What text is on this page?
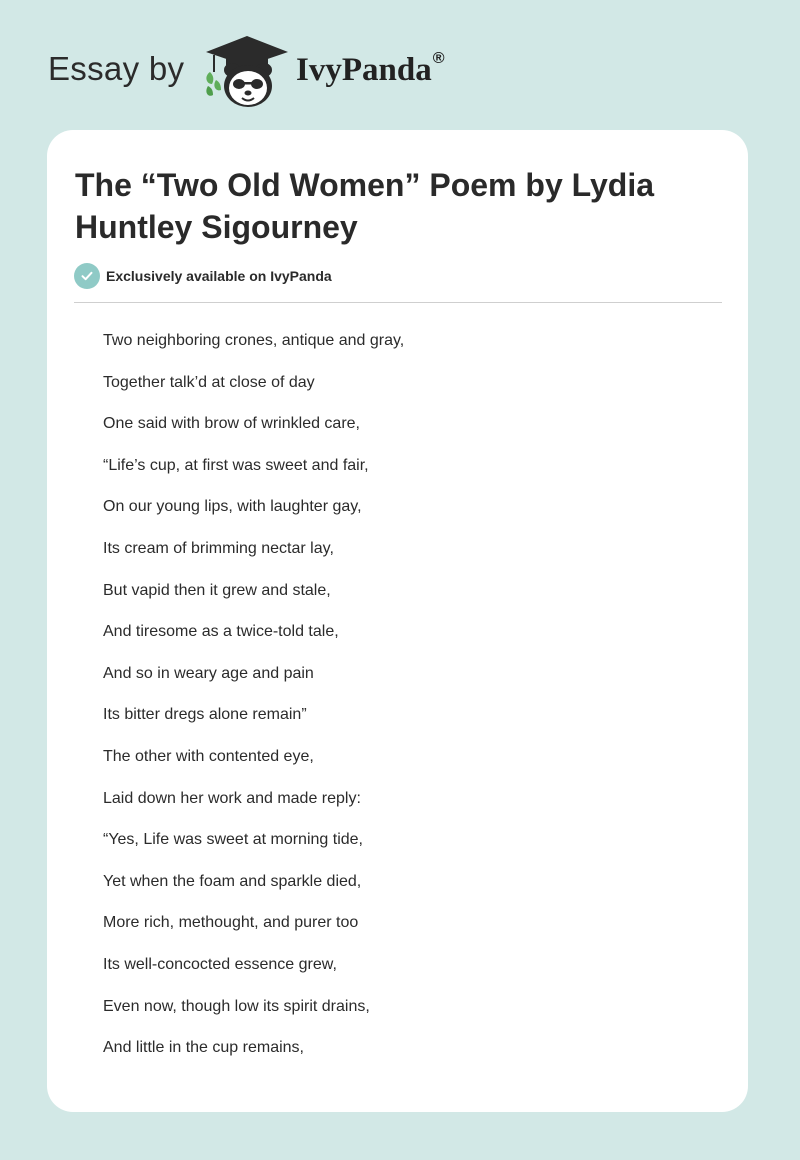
Essay by	IvyPanda®
The “Two Old Women” Poem by Lydia Huntley Sigourney
Exclusively available on IvyPanda
Two neighboring crones, antique and gray,
Together talk’d at close of day
One said with brow of wrinkled care,
“Life’s cup, at first was sweet and fair,
On our young lips, with laughter gay,
Its cream of brimming nectar lay,
But vapid then it grew and stale,
And tiresome as a twice-told tale,
And so in weary age and pain
Its bitter dregs alone remain”
The other with contented eye,
Laid down her work and made reply:
“Yes, Life was sweet at morning tide,
Yet when the foam and sparkle died,
More rich, methought, and purer too
Its well-concocted essence grew,
Even now, though low its spirit drains,
And little in the cup remains,
